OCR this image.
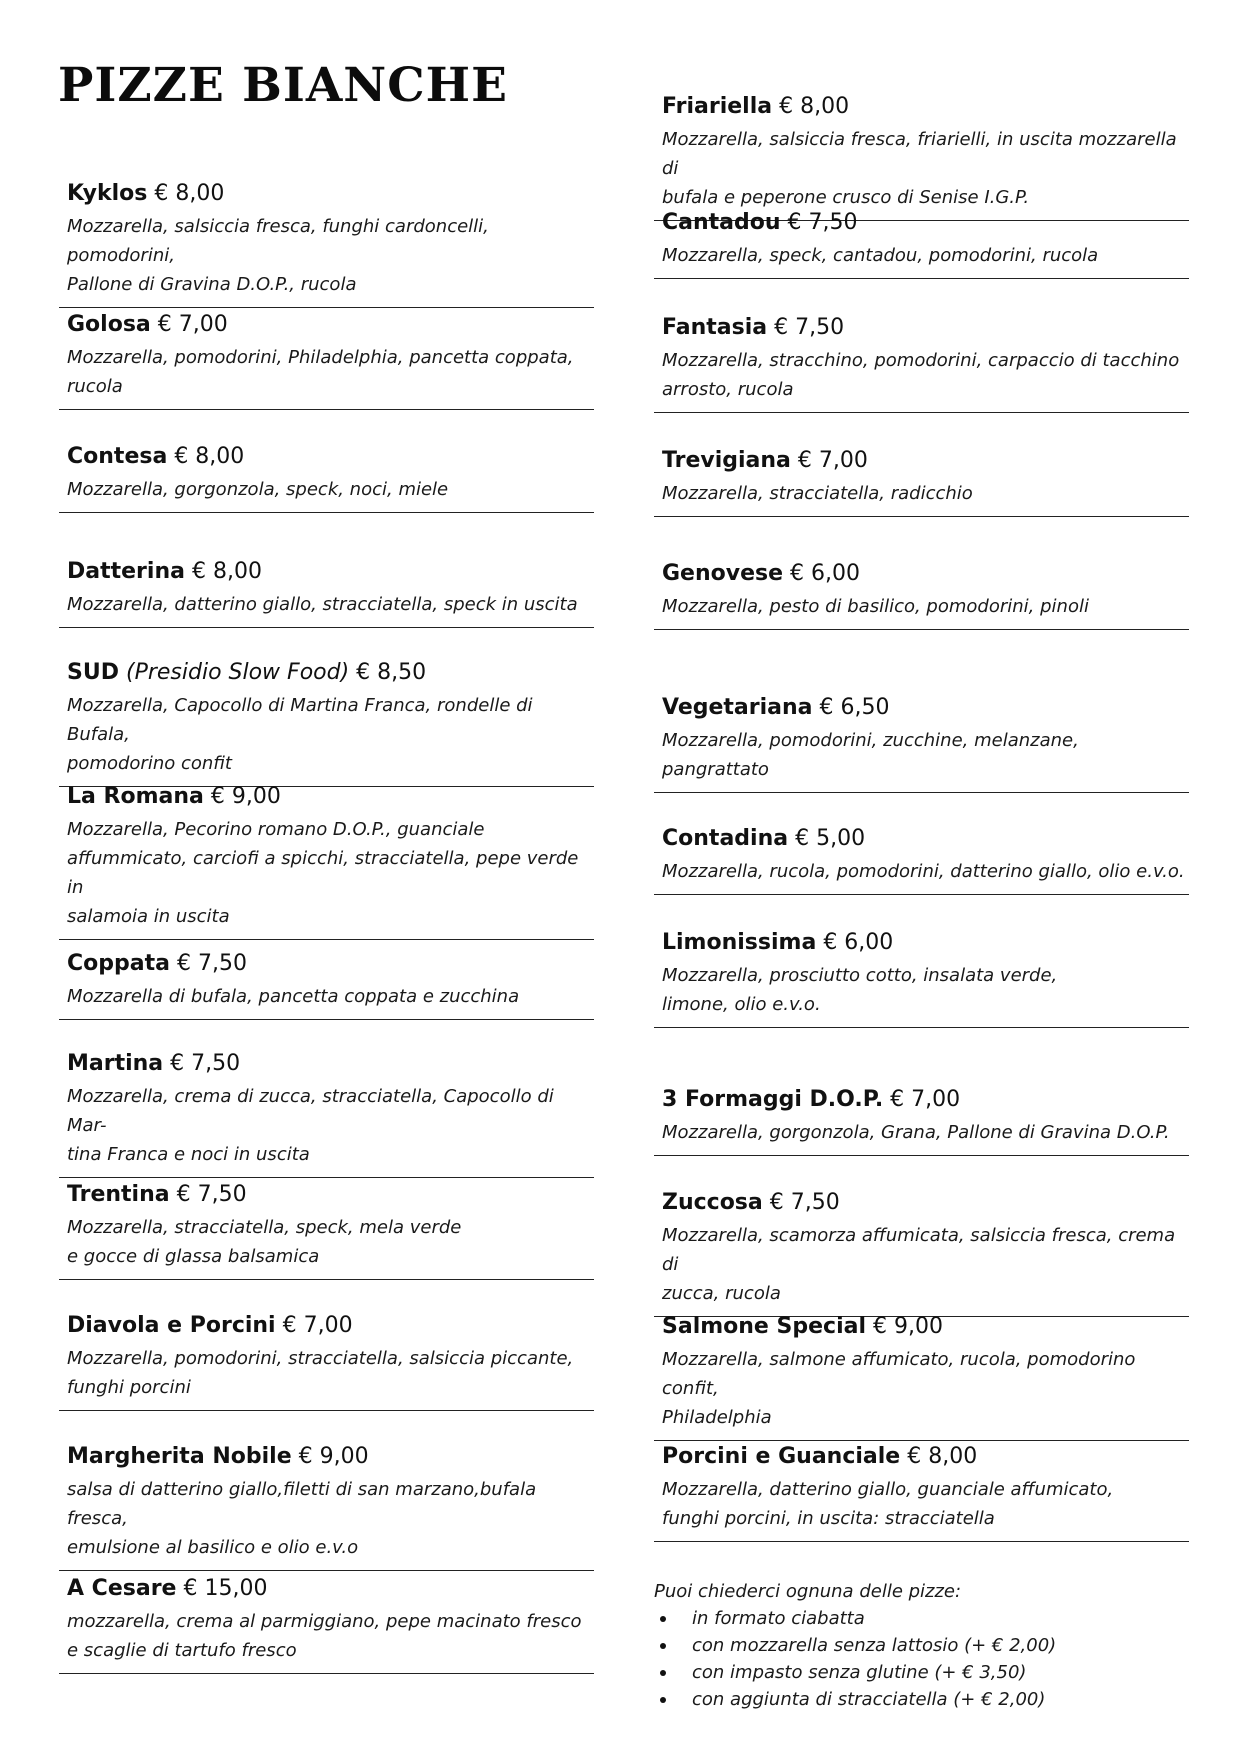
PIZZE BIANCHE
Kyklos € 8,00
Mozzarella, salsiccia fresca, funghi cardoncelli, pomodorini,
Pallone di Gravina D.O.P., rucola
Golosa € 7,00
Mozzarella, pomodorini, Philadelphia, pancetta coppata,
rucola
Contesa € 8,00
Mozzarella, gorgonzola, speck, noci, miele
Datterina € 8,00
Mozzarella, datterino giallo, stracciatella, speck in uscita
SUD (Presidio Slow Food) € 8,50
Mozzarella, Capocollo di Martina Franca, rondelle di Bufala,
pomodorino confit
La Romana € 9,00
Mozzarella, Pecorino romano D.O.P., guanciale
affummicato, carciofi a spicchi, stracciatella, pepe verde in
salamoia in uscita
Coppata € 7,50
Mozzarella di bufala, pancetta coppata e zucchina
Martina € 7,50
Mozzarella, crema di zucca, stracciatella, Capocollo di Mar-
tina Franca e noci in uscita
Trentina € 7,50
Mozzarella, stracciatella, speck, mela verde
e gocce di glassa balsamica
Diavola e Porcini € 7,00
Mozzarella, pomodorini, stracciatella, salsiccia piccante,
funghi porcini
Margherita Nobile € 9,00
salsa di datterino giallo,filetti di san marzano,bufala fresca,
emulsione al basilico e olio e.v.o
A Cesare € 15,00
mozzarella, crema al parmiggiano, pepe macinato fresco
e scaglie di tartufo fresco
Friariella € 8,00
Mozzarella, salsiccia fresca, friarielli, in uscita mozzarella di
bufala e peperone crusco di Senise I.G.P.
Cantadou € 7,50
Mozzarella, speck, cantadou, pomodorini, rucola
Fantasia € 7,50
Mozzarella, stracchino, pomodorini, carpaccio di tacchino
arrosto, rucola
Trevigiana € 7,00
Mozzarella, stracciatella, radicchio
Genovese € 6,00
Mozzarella, pesto di basilico, pomodorini, pinoli
Vegetariana € 6,50
Mozzarella, pomodorini, zucchine, melanzane, pangrattato
Contadina € 5,00
Mozzarella, rucola, pomodorini, datterino giallo, olio e.v.o.
Limonissima € 6,00
Mozzarella, prosciutto cotto, insalata verde,
limone, olio e.v.o.
3 Formaggi D.O.P. € 7,00
Mozzarella, gorgonzola, Grana, Pallone di Gravina D.O.P.
Zuccosa € 7,50
Mozzarella, scamorza affumicata, salsiccia fresca, crema di
zucca, rucola
Salmone Special € 9,00
Mozzarella, salmone affumicato, rucola, pomodorino confit,
Philadelphia
Porcini e Guanciale € 8,00
Mozzarella, datterino giallo, guanciale affumicato,
funghi porcini, in uscita: stracciatella
Puoi chiederci ognuna delle pizze:
in formato ciabatta
con mozzarella senza lattosio (+ € 2,00)
con impasto senza glutine (+ € 3,50)
con aggiunta di stracciatella (+ € 2,00)
